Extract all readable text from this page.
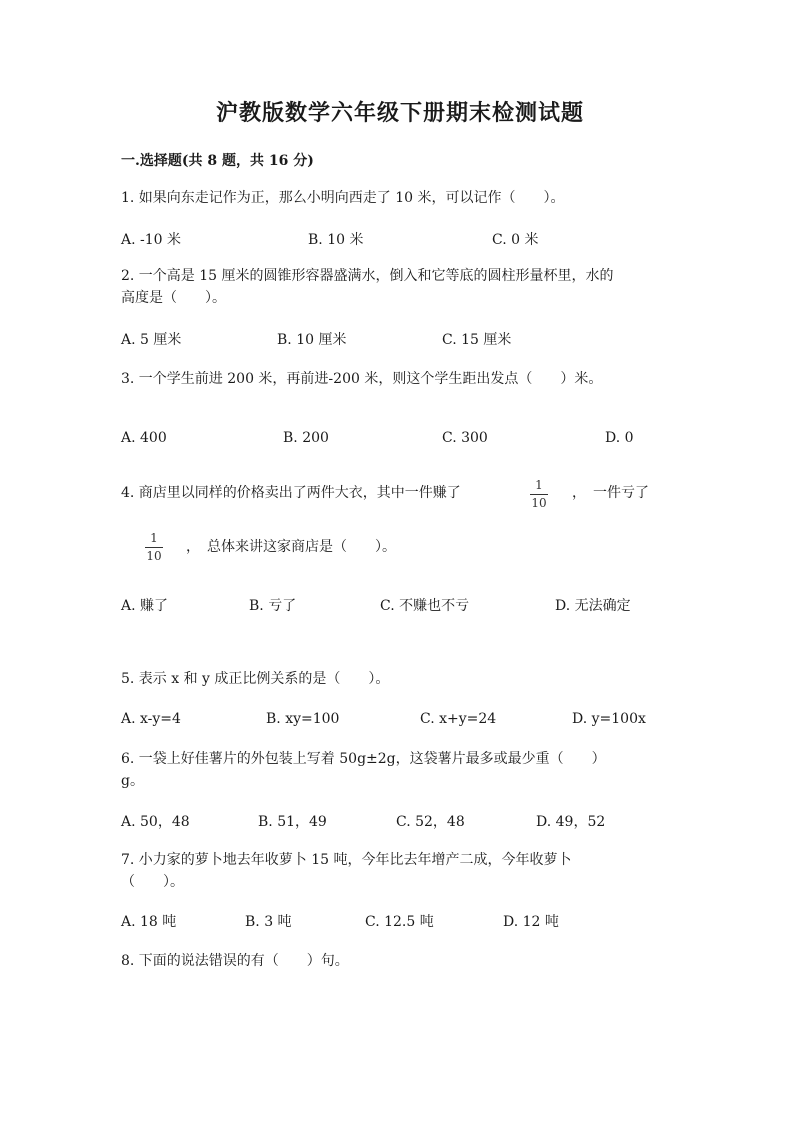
沪教版数学六年级下册期末检测试题
一.选择题(共 8 题，共 16 分)
1. 如果向东走记作为正，那么小明向西走了 10 米，可以记作（　　）。
A. -10 米	B. 10 米	C. 0 米
2. 一个高是 15 厘米的圆锥形容器盛满水，倒入和它等底的圆柱形量杯里，水的
高度是（　　）。
A. 5 厘米	B. 10 厘米	C. 15 厘米
3. 一个学生前进 200 米，再前进-200 米，则这个学生距出发点（　　）米。
A. 400	B. 200	C. 300	D. 0
4. 商店里以同样的价格卖出了两件大衣，其中一件赚了	1
10
，　一件亏了
1
10
，　总体来讲这家商店是（　　）。
A. 赚了	B. 亏了	C. 不赚也不亏	D. 无法确定
5. 表示 x 和 y 成正比例关系的是（　　）。
A. x-y=4	B. xy=100	C. x+y=24	D. y=100x
6. 一袋上好佳薯片的外包装上写着 50g±2g，这袋薯片最多或最少重（　　）
g。
A. 50，48	B. 51，49	C. 52，48	D. 49，52
7. 小力家的萝卜地去年收萝卜 15 吨，今年比去年增产二成，今年收萝卜
（　　）。
A. 18 吨	B. 3 吨	C. 12.5 吨	D. 12 吨
8. 下面的说法错误的有（　　）句。
